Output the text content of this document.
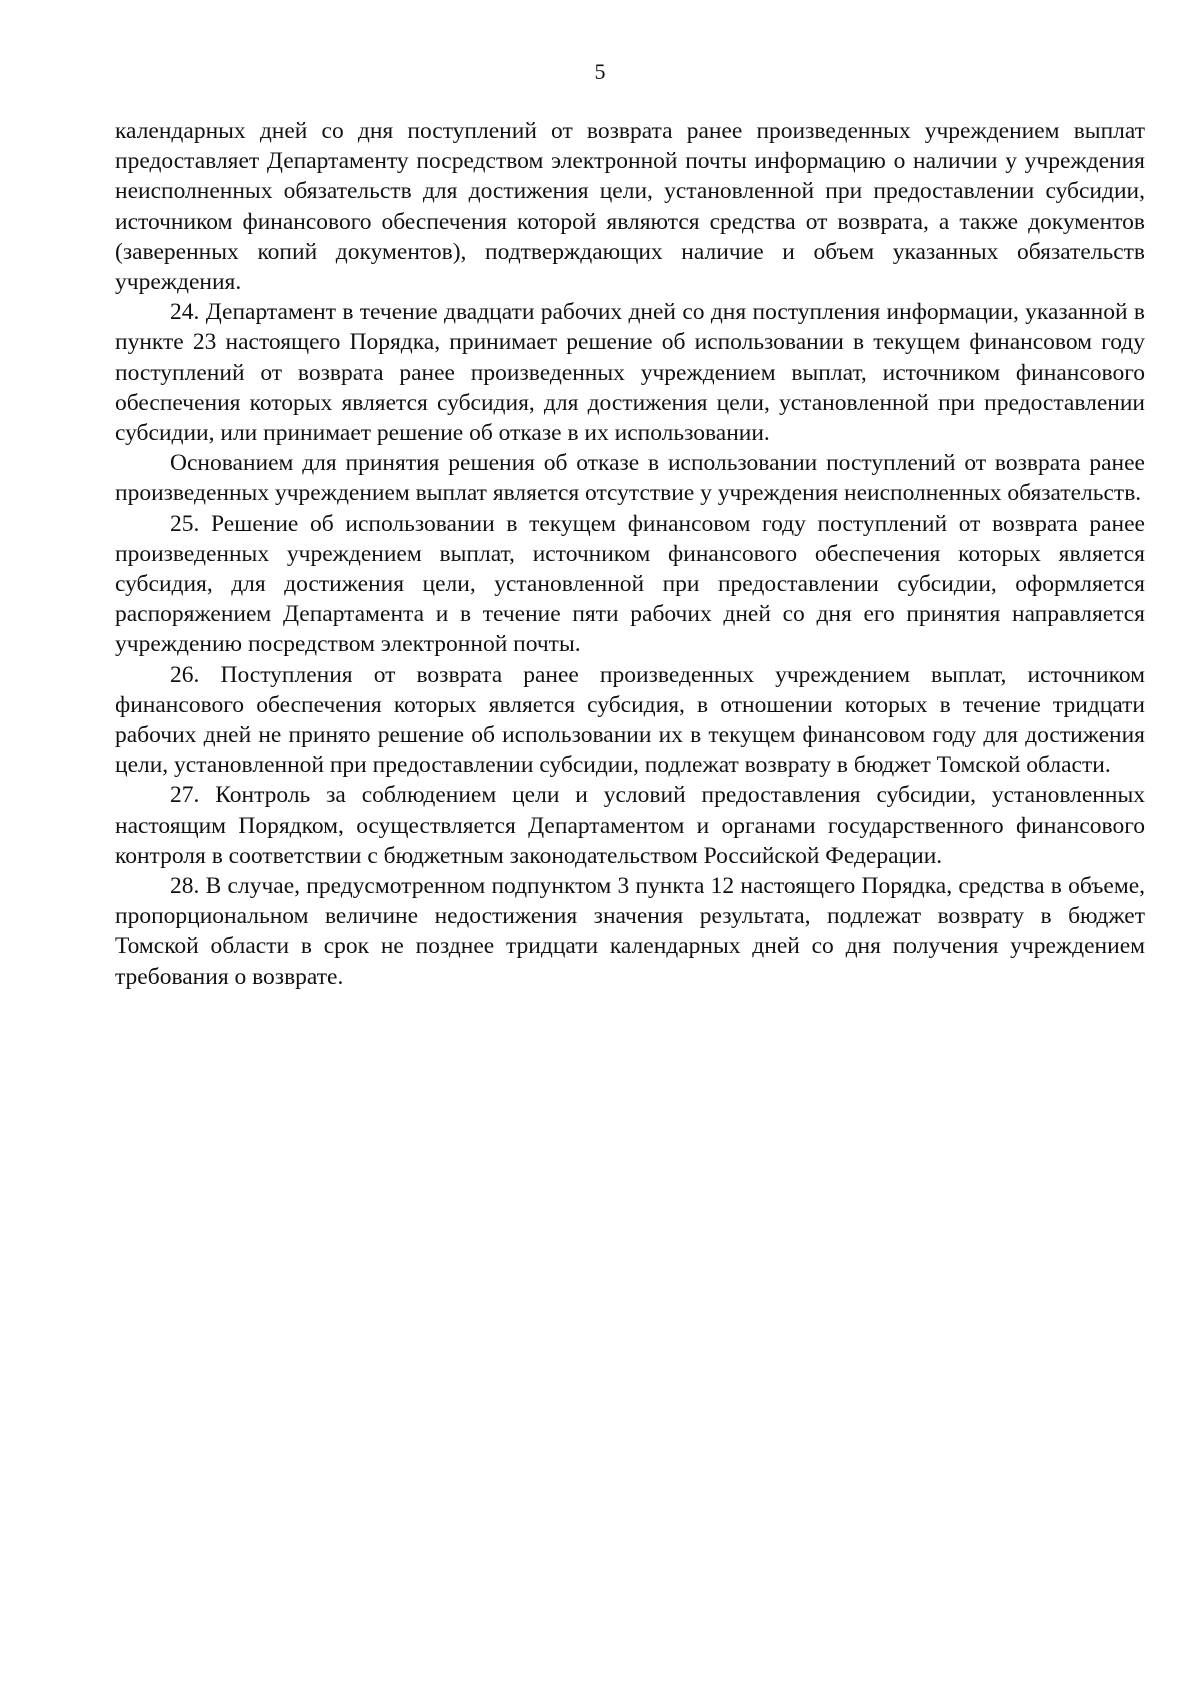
5

календарных дней со дня поступлений от возврата ранее произведенных учреждением выплат предоставляет Департаменту посредством электронной почты информацию о наличии у учреждения неисполненных обязательств для достижения цели, установленной при предоставлении субсидии, источником финансового обеспечения которой являются средства от возврата, а также документов (заверенных копий документов), подтверждающих наличие и объем указанных обязательств учреждения.

24. Департамент в течение двадцати рабочих дней со дня поступления информации, указанной в пункте 23 настоящего Порядка, принимает решение об использовании в текущем финансовом году поступлений от возврата ранее произведенных учреждением выплат, источником финансового обеспечения которых является субсидия, для достижения цели, установленной при предоставлении субсидии, или принимает решение об отказе в их использовании.

Основанием для принятия решения об отказе в использовании поступлений от возврата ранее произведенных учреждением выплат является отсутствие у учреждения неисполненных обязательств.

25. Решение об использовании в текущем финансовом году поступлений от возврата ранее произведенных учреждением выплат, источником финансового обеспечения которых является субсидия, для достижения цели, установленной при предоставлении субсидии, оформляется распоряжением Департамента и в течение пяти рабочих дней со дня его принятия направляется учреждению посредством электронной почты.

26. Поступления от возврата ранее произведенных учреждением выплат, источником финансового обеспечения которых является субсидия, в отношении которых в течение тридцати рабочих дней не принято решение об использовании их в текущем финансовом году для достижения цели, установленной при предоставлении субсидии, подлежат возврату в бюджет Томской области.

27. Контроль за соблюдением цели и условий предоставления субсидии, установленных настоящим Порядком, осуществляется Департаментом и органами государственного финансового контроля в соответствии с бюджетным законодательством Российской Федерации.

28. В случае, предусмотренном подпунктом 3 пункта 12 настоящего Порядка, средства в объеме, пропорциональном величине недостижения значения результата, подлежат возврату в бюджет Томской области в срок не позднее тридцати календарных дней со дня получения учреждением требования о возврате.
